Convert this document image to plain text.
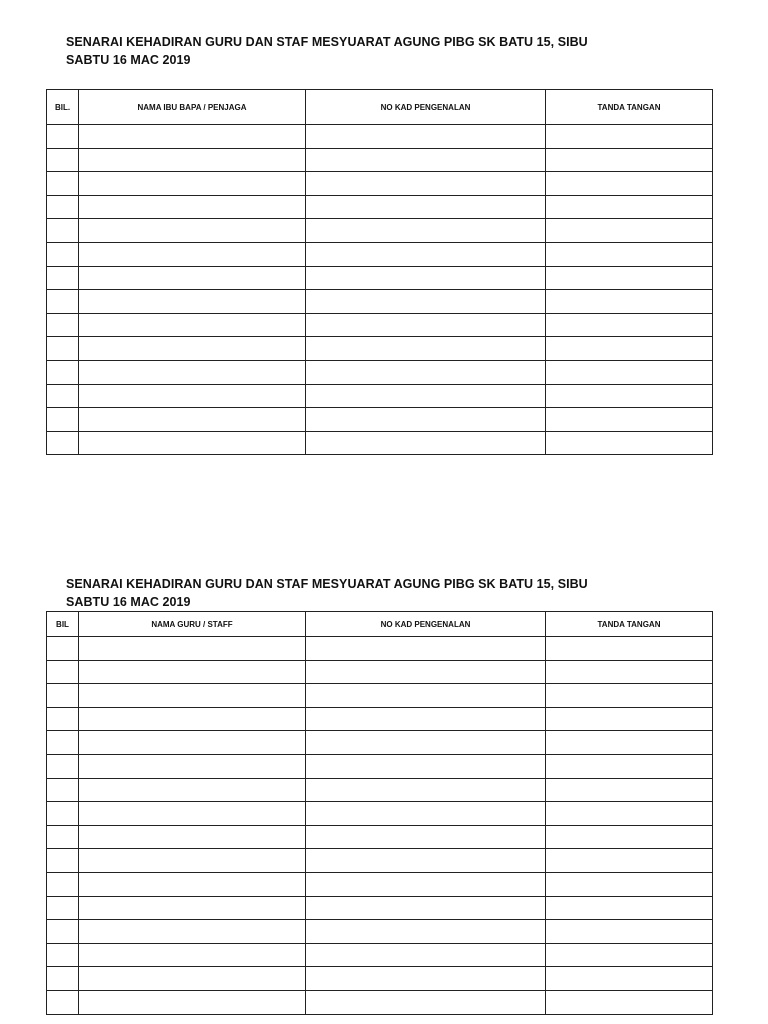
SENARAI KEHADIRAN GURU DAN STAF MESYUARAT AGUNG PIBG SK BATU 15, SIBU
SABTU 16 MAC 2019
BIL.	NAMA IBU BAPA / PENJAGA	NO KAD PENGENALAN	TANDA TANGAN

SENARAI KEHADIRAN GURU DAN STAF MESYUARAT AGUNG PIBG SK BATU 15, SIBU
SABTU 16 MAC 2019
BIL	NAMA GURU / STAFF	NO KAD PENGENALAN	TANDA TANGAN
